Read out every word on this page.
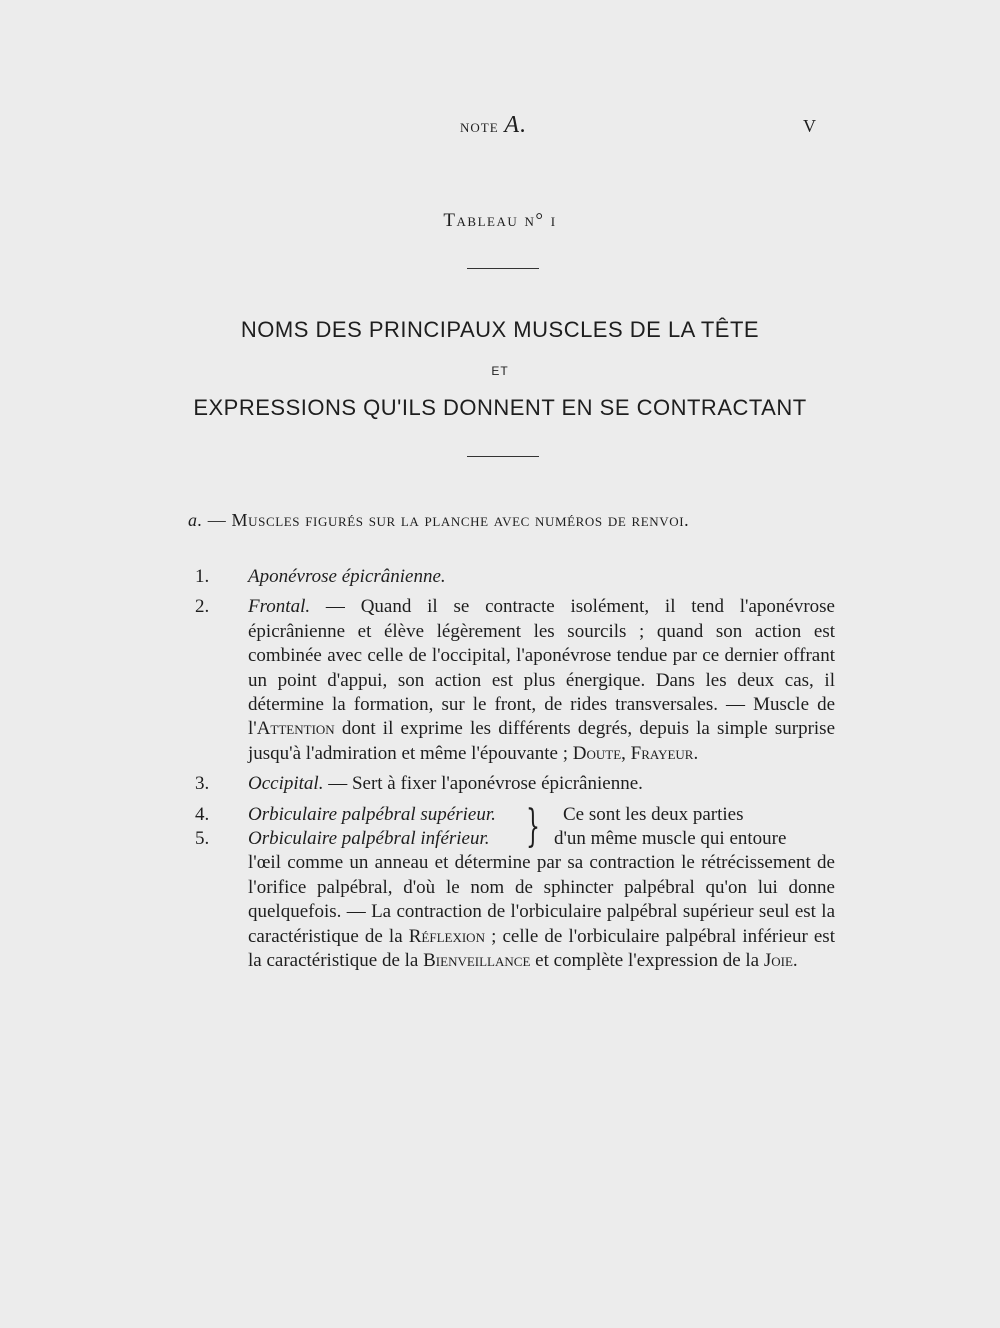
note A.	V
Tableau n° i
NOMS DES PRINCIPAUX MUSCLES DE LA TÊTE
ET
EXPRESSIONS QU'ILS DONNENT EN SE CONTRACTANT
a. — Muscles figurés sur la planche avec numéros de renvoi.

1.	Aponévrose épicrânienne.

2.	Frontal. — Quand il se contracte isolément, il tend l'aponévrose épicrânienne et élève légèrement les sourcils ; quand son action est combinée avec celle de l'occipital, l'aponévrose tendue par ce dernier offrant un point d'appui, son action est plus énergique. Dans les deux cas, il détermine la formation, sur le front, de rides transversales. — Muscle de l'Attention dont il exprime les différents degrés, depuis la simple surprise jusqu'à l'admiration et même l'épouvante ; Doute, Frayeur.

3.	Occipital. — Sert à fixer l'aponévrose épicrânienne.

4. Orbiculaire palpébral supérieur. } Ce sont les deux parties
5. Orbiculaire palpébral inférieur.	d'un même muscle qui entoure

l'œil comme un anneau et détermine par sa contraction le rétrécissement de l'orifice palpébral, d'où le nom de sphincter palpébral qu'on lui donne quelquefois. — La contraction de l'orbiculaire palpébral supérieur seul est la caractéristique de la Réflexion ; celle de l'orbiculaire palpébral inférieur est la caractéristique de la Bienveillance et complète l'expression de la Joie.
